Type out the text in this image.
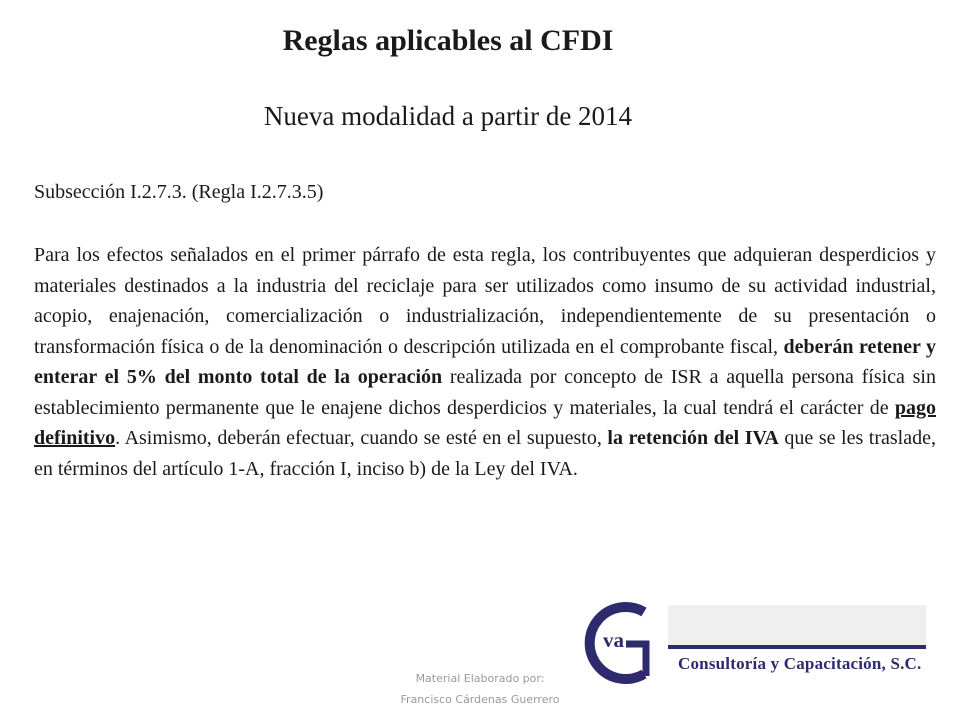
Reglas aplicables al CFDI
Nueva modalidad a partir de 2014
Subsección I.2.7.3. (Regla I.2.7.3.5)

Para los efectos señalados en el primer párrafo de esta regla, los contribuyentes que adquieran desperdicios y materiales destinados a la industria del reciclaje para ser utilizados como insumo de su actividad industrial, acopio, enajenación, comercialización o industrialización, independientemente de su presentación o transformación física o de la denominación o descripción utilizada en el comprobante fiscal, deberán retener y enterar el 5% del monto total de la operación realizada por concepto de ISR a aquella persona física sin establecimiento permanente que le enajene dichos desperdicios y materiales, la cual tendrá el carácter de pago definitivo. Asimismo, deberán efectuar, cuando se esté en el supuesto, la retención del IVA que se les traslade, en términos del artículo 1-A, fracción I, inciso b) de la Ley del IVA.

Material Elaborado por:
Francisco Cárdenas Guerrero
va
Consultoría y Capacitación, S.C.
